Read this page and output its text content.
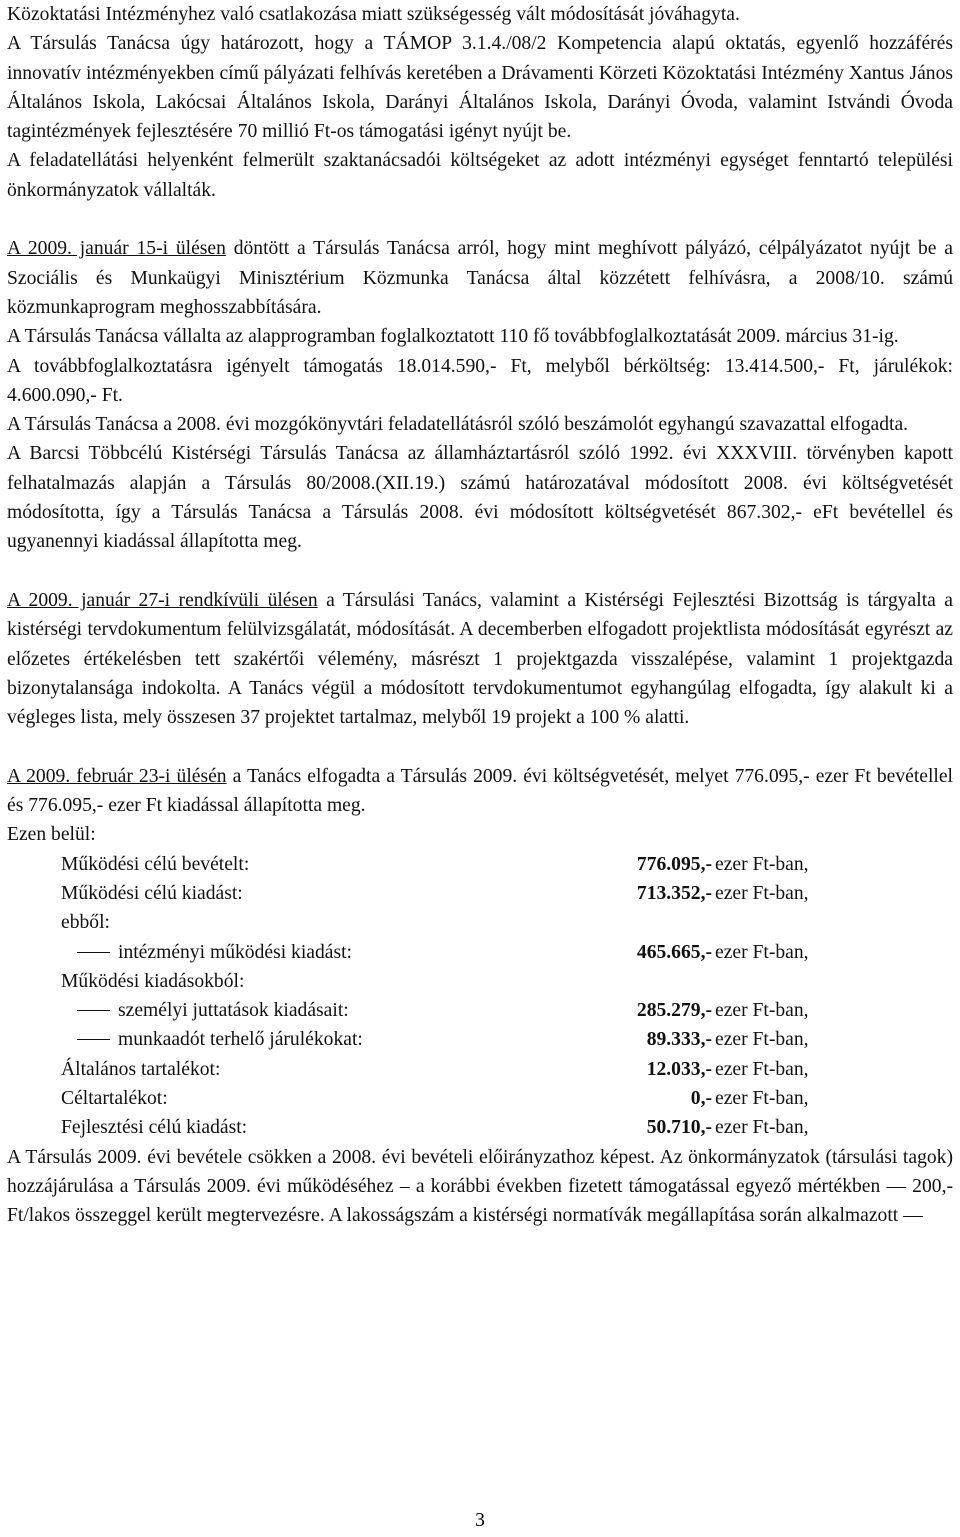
Közoktatási Intézményhez való csatlakozása miatt szükségesség vált módosítását jóváhagyta.

A Társulás Tanácsa úgy határozott, hogy a TÁMOP 3.1.4./08/2 Kompetencia alapú oktatás, egyenlő hozzáférés innovatív intézményekben című pályázati felhívás keretében a Drávamenti Körzeti Közoktatási Intézmény Xantus János Általános Iskola, Lakócsai Általános Iskola, Darányi Általános Iskola, Darányi Óvoda, valamint Istvándi Óvoda tagintézmények fejlesztésére 70 millió Ft-os támogatási igényt nyújt be.

A feladatellátási helyenként felmerült szaktanácsadói költségeket az adott intézményi egységet fenntartó települési önkormányzatok vállalták.

A 2009. január 15-i ülésen döntött a Társulás Tanácsa arról, hogy mint meghívott pályázó, célpályázatot nyújt be a Szociális és Munkaügyi Minisztérium Közmunka Tanácsa által közzétett felhívásra, a 2008/10. számú közmunkaprogram meghosszabbítására.

A Társulás Tanácsa vállalta az alapprogramban foglalkoztatott 110 fő továbbfoglalkoztatását 2009. március 31-ig.

A továbbfoglalkoztatásra igényelt támogatás 18.014.590,- Ft, melyből bérköltség: 13.414.500,- Ft, járulékok: 4.600.090,- Ft.

A Társulás Tanácsa a 2008. évi mozgókönyvtári feladatellátásról szóló beszámolót egyhangú szavazattal elfogadta.

A Barcsi Többcélú Kistérségi Társulás Tanácsa az államháztartásról szóló 1992. évi XXXVIII. törvényben kapott felhatalmazás alapján a Társulás 80/2008.(XII.19.) számú határozatával módosított 2008. évi költségvetését módosította, így a Társulás Tanácsa a Társulás 2008. évi módosított költségvetését 867.302,- eFt bevétellel és ugyanennyi kiadással állapította meg.

A 2009. január 27-i rendkívüli ülésen a Társulási Tanács, valamint a Kistérségi Fejlesztési Bizottság is tárgyalta a kistérségi tervdokumentum felülvizsgálatát, módosítását. A decemberben elfogadott projektlista módosítását egyrészt az előzetes értékelésben tett szakértői vélemény, másrészt 1 projektgazda visszalépése, valamint 1 projektgazda bizonytalansága indokolta. A Tanács végül a módosított tervdokumentumot egyhangúlag elfogadta, így alakult ki a végleges lista, mely összesen 37 projektet tartalmaz, melyből 19 projekt a 100 % alatti.

A 2009. február 23-i ülésén a Tanács elfogadta a Társulás 2009. évi költségvetését, melyet 776.095,- ezer Ft bevétellel és 776.095,- ezer Ft kiadással állapította meg.

Ezen belül:

Működési célú bevételt:	776.095,- ezer Ft-ban,
Működési célú kiadást:	713.352,- ezer Ft-ban,
ebből:
intézményi működési kiadást:	465.665,- ezer Ft-ban,
Működési kiadásokból:
személyi juttatások kiadásait:	285.279,- ezer Ft-ban,
munkaadót terhelő járulékokat:	89.333,- ezer Ft-ban,
Általános tartalékot:	12.033,- ezer Ft-ban,
Céltartalékot:	0,- ezer Ft-ban,
Fejlesztési célú kiadást:	50.710,- ezer Ft-ban,

A Társulás 2009. évi bevétele csökken a 2008. évi bevételi előirányzathoz képest. Az önkormányzatok (társulási tagok) hozzájárulása a Társulás 2009. évi működéséhez – a korábbi években fizetett támogatással egyező mértékben — 200,- Ft/lakos összeggel került megtervezésre. A lakosságszám a kistérségi normatívák megállapítása során alkalmazott —

3
